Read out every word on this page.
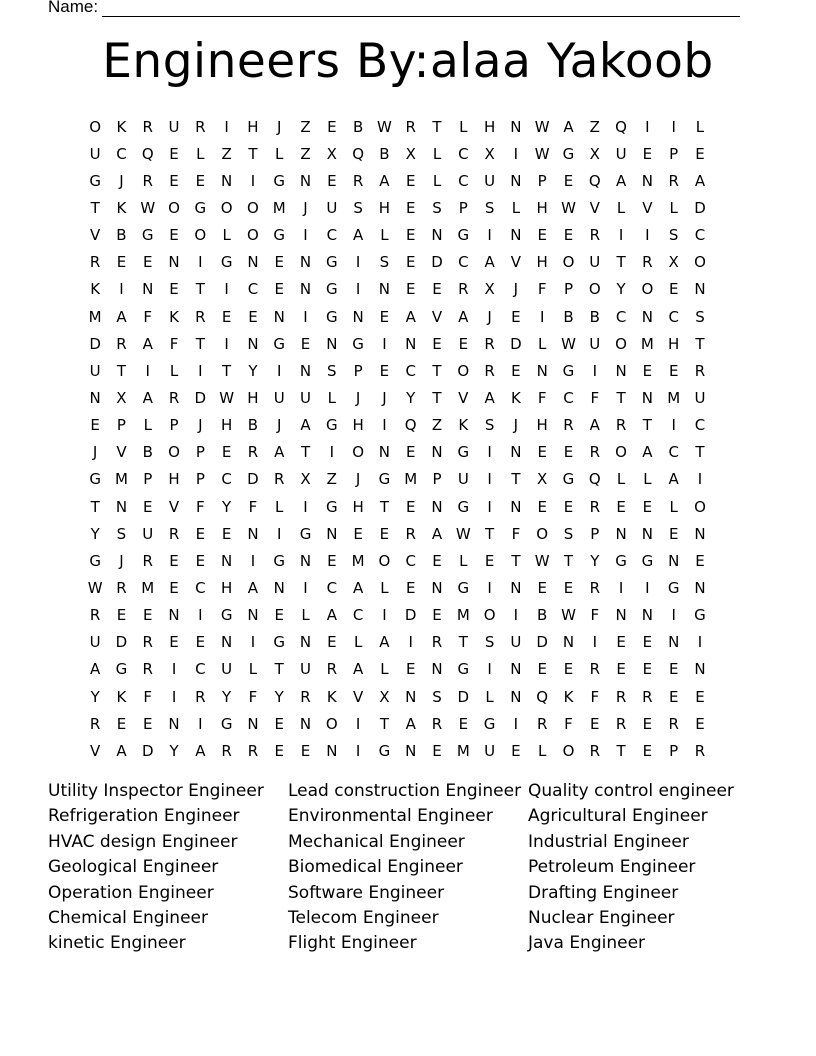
Name:
Engineers By:alaa Yakoob
O	K	R	U	R	I	H	J	Z	E	B W R	T	L	H	N W A	Z	Q	I	I	L
U	C	Q	E	L	Z	T	L	Z	X	Q	B	X	L	C	X	I	W G	X	U	E	P	E
G	J	R	E	E	N	I	G N	E	R	A	E	L	C	U	N	P	E	Q	A	N	R	A
T	K W O G O O M	J	U	S	H	E	S	P	S	L	H W V	L	V	L	D
V	B	G	E	O	L	O G	I	C	A	L	E	N G	I	N	E	E	R	I	I	S	C
R	E	E	N	I	G N	E	N G	I	S	E	D	C	A	V	H O U	T	R	X	O
K	I	N	E	T	I	C	E	N G	I	N	E	E	R	X	J	F	P	O	Y	O	E	N
M A	F	K	R	E	E	N	I	G N	E	A	V	A	J	E	I	B	B	C	N	C	S
D	R	A	F	T	I	N G	E	N G	I	N	E	E	R	D	L W U O M H	T
U	T	I	L	I	T	Y	I	N	S	P	E	C	T	O	R	E	N G	I	N	E	E	R
N	X	A	R	D W H	U	U	L	J	J	Y	T	V	A	K	F	C	F	T	N M U
E	P	L	P	J	H	B	J	A	G H	I	Q	Z	K	S	J	H	R	A	R	T	I	C
J	V	B	O	P	E	R	A	T	I	O N	E	N G	I	N	E	E	R	O	A	C	T
G M	P	H	P	C	D	R	X	Z	J	G M	P	U	I	T	X	G Q	L	L	A	I
T	N	E	V	F	Y	F	L	I	G H	T	E	N G	I	N	E	E	R	E	E	L	O
Y	S	U	R	E	E	N	I	G N	E	E	R	A W T	F	O	S	P	N	N	E	N
G	J	R	E	E	N	I	G N	E	M O	C	E	L	E	T W T	Y	G G N	E
W R M	E	C	H	A	N	I	C	A	L	E	N G	I	N	E	E	R	I	I	G N
R	E	E	N	I	G N	E	L	A	C	I	D	E	M O	I	B W F	N	N	I	G
U	D	R	E	E	N	I	G N	E	L	A	I	R	T	S	U	D N	I	E	E	N	I
A	G	R	I	C	U	L	T	U	R	A	L	E	N G	I	N	E	E	R	E	E	E	N
Y	K	F	I	R	Y	F	Y	R	K	V	X	N	S	D	L	N Q	K	F	R	R	E	E
R	E	E	N	I	G N	E	N O	I	T	A	R	E	G	I	R	F	E	R	E	R	E
V	A	D	Y	A	R	R	E	E	N	I	G N	E	M U	E	L	O	R	T	E	P	R
Utility Inspector Engineer
Refrigeration Engineer
HVAC design Engineer
Geological Engineer
Operation Engineer
Chemical Engineer
kinetic Engineer
Lead construction Engineer
Environmental Engineer
Mechanical Engineer
Biomedical Engineer
Software Engineer
Telecom Engineer
Flight Engineer
Quality control engineer
Agricultural Engineer
Industrial Engineer
Petroleum Engineer
Drafting Engineer
Nuclear Engineer
Java Engineer
